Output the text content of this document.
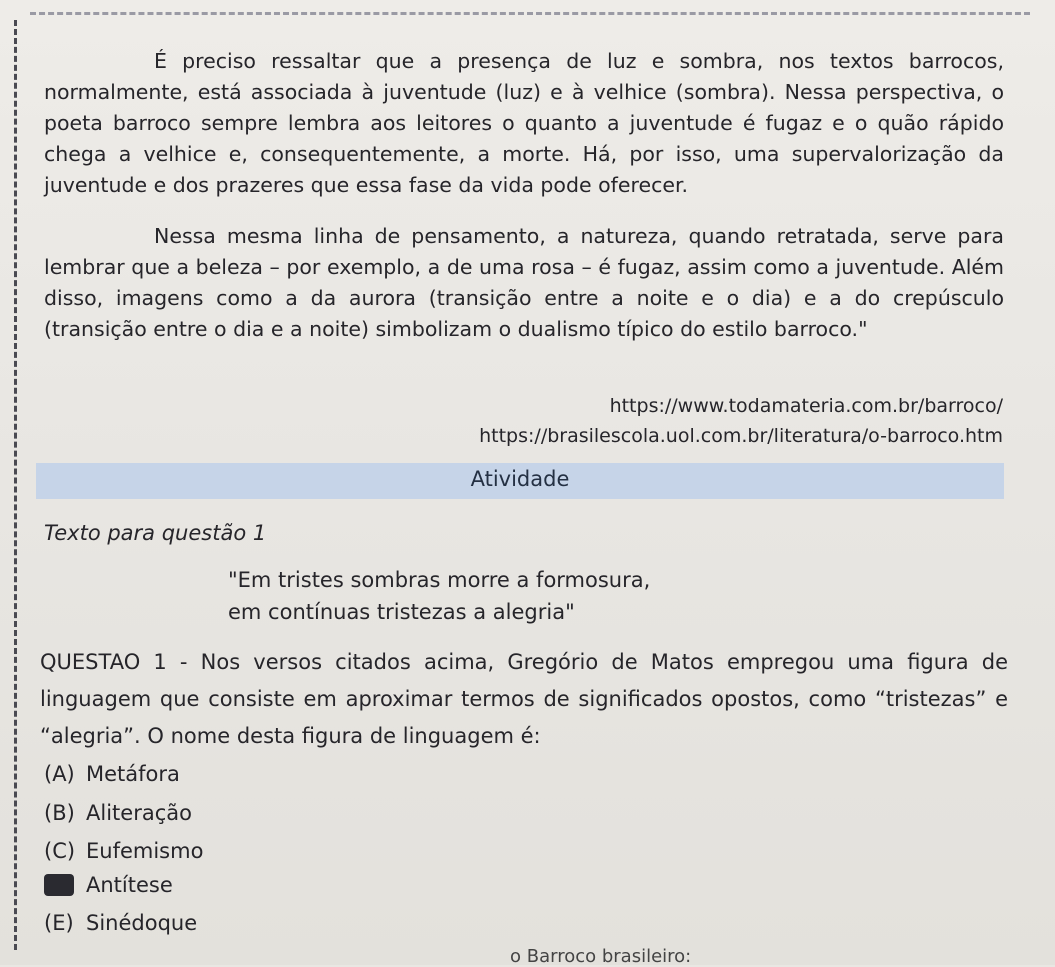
É preciso ressaltar que a presença de luz e sombra, nos textos barrocos, normalmente, está associada à juventude (luz) e à velhice (sombra). Nessa perspectiva, o poeta barroco sempre lembra aos leitores o quanto a juventude é fugaz e o quão rápido chega a velhice e, consequentemente, a morte. Há, por isso, uma supervalorização da juventude e dos prazeres que essa fase da vida pode oferecer.
Nessa mesma linha de pensamento, a natureza, quando retratada, serve para lembrar que a beleza – por exemplo, a de uma rosa – é fugaz, assim como a juventude. Além disso, imagens como a da aurora (transição entre a noite e o dia) e a do crepúsculo (transição entre o dia e a noite) simbolizam o dualismo típico do estilo barroco."
https://www.todamateria.com.br/barroco/
https://brasilescola.uol.com.br/literatura/o-barroco.htm
Atividade
Texto para questão 1
"Em tristes sombras morre a formosura,
em contínuas tristezas a alegria"
QUESTAO 1 - Nos versos citados acima, Gregório de Matos empregou uma figura de linguagem que consiste em aproximar termos de significados opostos, como “tristezas” e “alegria”. O nome desta figura de linguagem é:
(A) Metáfora
(B) Aliteração
(C) Eufemismo
Antítese
(E) Sinédoque
o Barroco brasileiro:
